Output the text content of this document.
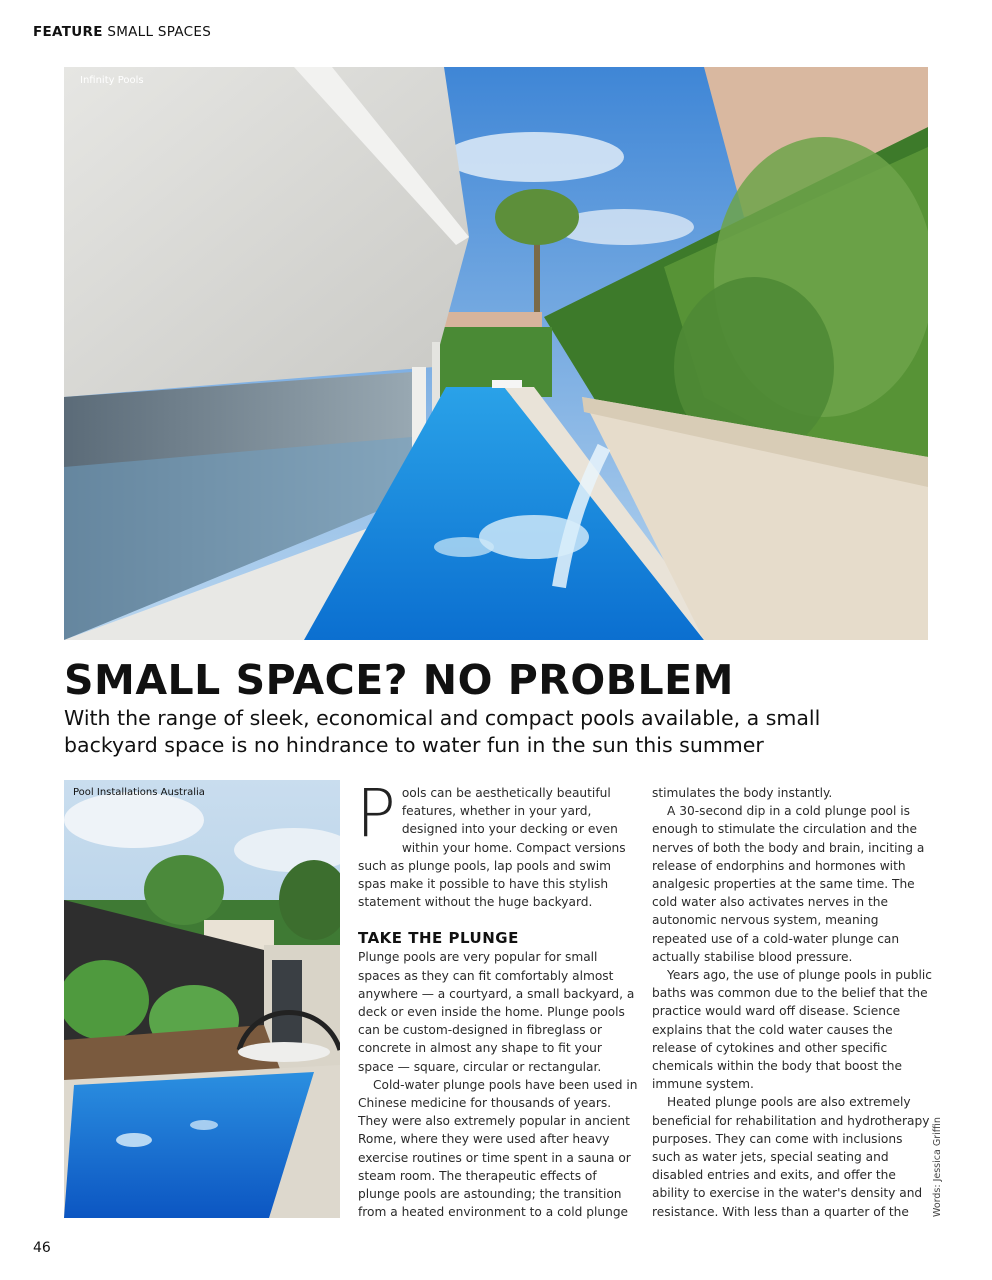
FEATURE SMALL SPACES
Infinity Pools
SMALL SPACE? NO PROBLEM
With the range of sleek, economical and compact pools available, a small backyard space is no hindrance to water fun in the sun this summer
Pool Installations Australia Pools can be aesthetically beautiful features, whether in your yard, designed into your decking or even within your home. Compact versions such as plunge pools, lap pools and swim spas make it possible to have this stylish statement without the huge backyard.

TAKE THE PLUNGE

Plunge pools are very popular for small spaces as they can fit comfortably almost anywhere — a courtyard, a small backyard, a deck or even inside the home. Plunge pools can be custom-designed in fibreglass or concrete in almost any shape to fit your space — square, circular or rectangular.

Cold-water plunge pools have been used in Chinese medicine for thousands of years. They were also extremely popular in ancient Rome, where they were used after heavy exercise routines or time spent in a sauna or steam room. The therapeutic effects of plunge pools are astounding; the transition from a heated environment to a cold plunge

stimulates the body instantly.

A 30-second dip in a cold plunge pool is enough to stimulate the circulation and the nerves of both the body and brain, inciting a release of endorphins and hormones with analgesic properties at the same time. The cold water also activates nerves in the autonomic nervous system, meaning repeated use of a cold-water plunge can actually stabilise blood pressure.

Years ago, the use of plunge pools in public baths was common due to the belief that the practice would ward off disease. Science explains that the cold water causes the release of cytokines and other specific chemicals within the body that boost the immune system.

Heated plunge pools are also extremely beneficial for rehabilitation and hydrotherapy purposes. They can come with inclusions such as water jets, special seating and disabled entries and exits, and offer the ability to exercise in the water's density and resistance. With less than a quarter of the	Words: Jessica Griffin
46
